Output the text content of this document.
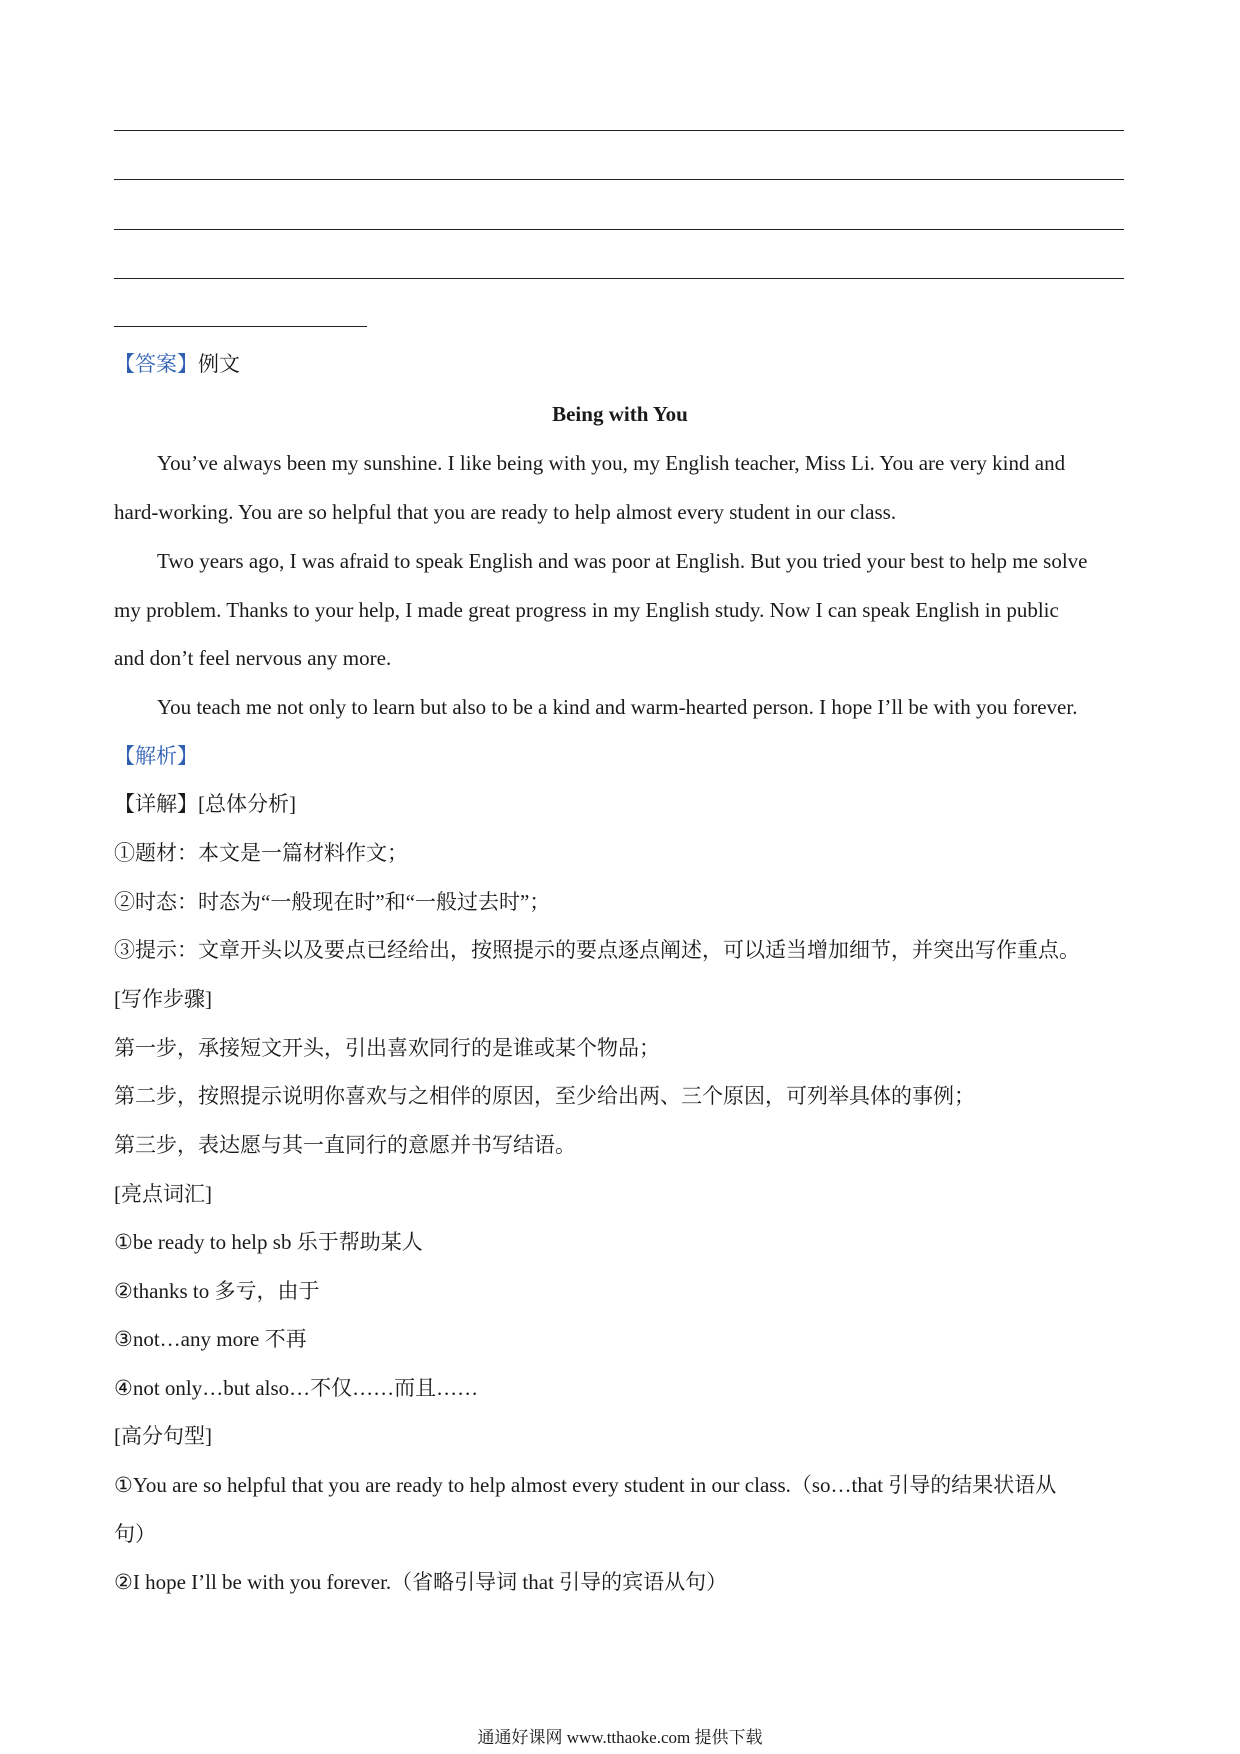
【答案】例文
Being with You
You’ve always been my sunshine. I like being with you, my English teacher, Miss Li. You are very kind and
hard-working. You are so helpful that you are ready to help almost every student in our class.
Two years ago, I was afraid to speak English and was poor at English. But you tried your best to help me solve
my problem. Thanks to your help, I made great progress in my English study. Now I can speak English in public
and don’t feel nervous any more.
You teach me not only to learn but also to be a kind and warm-hearted person. I hope I’ll be with you forever.
【解析】
【详解】[总体分析]
①题材：本文是一篇材料作文；
②时态：时态为“一般现在时”和“一般过去时”；
③提示：文章开头以及要点已经给出，按照提示的要点逐点阐述，可以适当增加细节，并突出写作重点。
[写作步骤]
第一步，承接短文开头，引出喜欢同行的是谁或某个物品；
第二步，按照提示说明你喜欢与之相伴的原因，至少给出两、三个原因，可列举具体的事例；
第三步，表达愿与其一直同行的意愿并书写结语。
[亮点词汇]
①be ready to help sb 乐于帮助某人
②thanks to 多亏，由于
③not…any more 不再
④not only…but also…不仅……而且……
[高分句型]
①You are so helpful that you are ready to help almost every student in our class.（so…that 引导的结果状语从
句）
②I hope I’ll be with you forever.（省略引导词 that 引导的宾语从句）
通通好课网 www.tthaoke.com 提供下载
